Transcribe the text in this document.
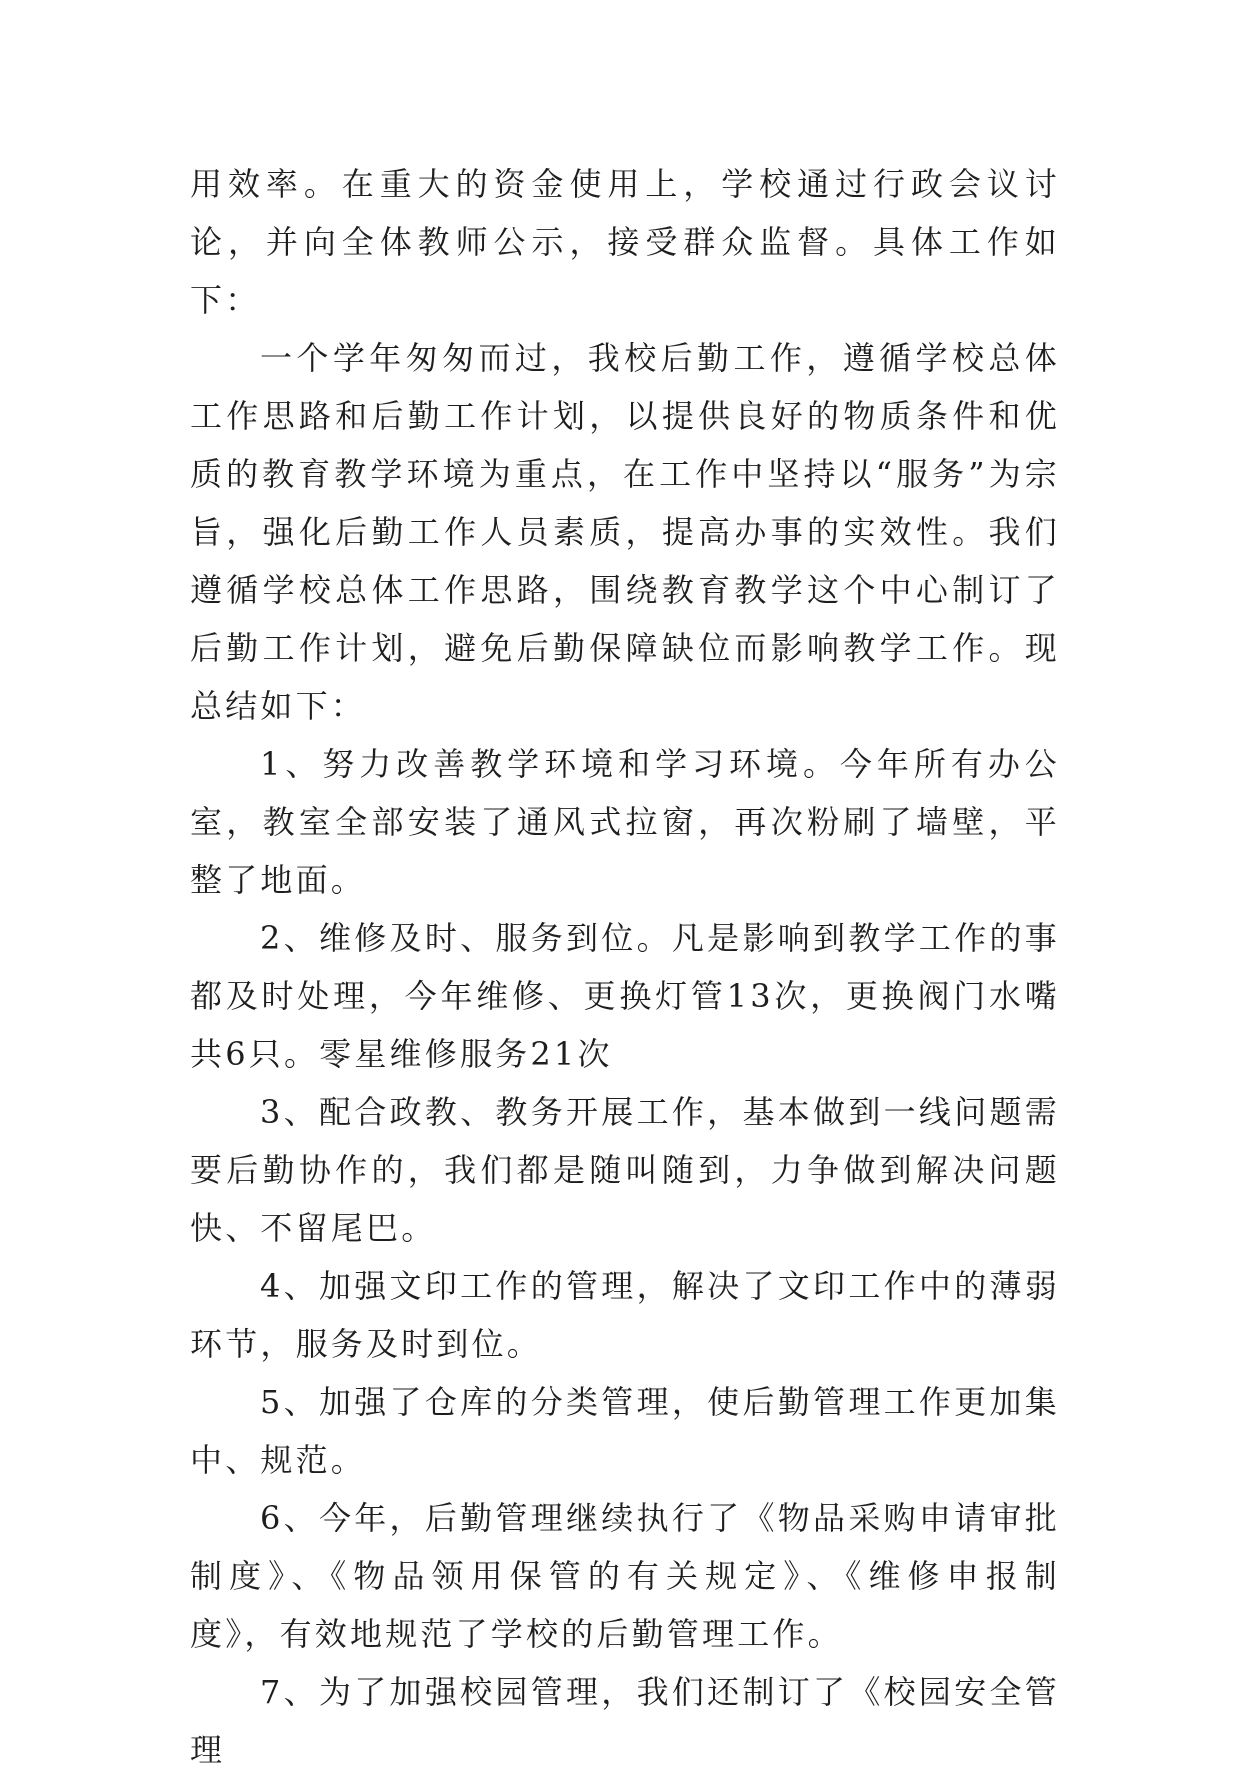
用效率。在重大的资金使用上，学校通过行政会议讨论，并向全体教师公示，接受群众监督。具体工作如下：

一个学年匆匆而过，我校后勤工作，遵循学校总体工作思路和后勤工作计划，以提供良好的物质条件和优质的教育教学环境为重点，在工作中坚持以“服务”为宗旨，强化后勤工作人员素质，提高办事的实效性。我们遵循学校总体工作思路，围绕教育教学这个中心制订了后勤工作计划，避免后勤保障缺位而影响教学工作。现总结如下：

1、努力改善教学环境和学习环境。今年所有办公室，教室全部安装了通风式拉窗，再次粉刷了墙壁，平整了地面。

2、维修及时、服务到位。凡是影响到教学工作的事都及时处理，今年维修、更换灯管13次，更换阀门水嘴共6只。零星维修服务21次

3、配合政教、教务开展工作，基本做到一线问题需要后勤协作的，我们都是随叫随到，力争做到解决问题快、不留尾巴。

4、加强文印工作的管理，解决了文印工作中的薄弱环节，服务及时到位。

5、加强了仓库的分类管理，使后勤管理工作更加集中、规范。

6、今年，后勤管理继续执行了《物品采购申请审批制度》、《物品领用保管的有关规定》、《维修申报制度》，有效地规范了学校的后勤管理工作。

7、为了加强校园管理，我们还制订了《校园安全管理
